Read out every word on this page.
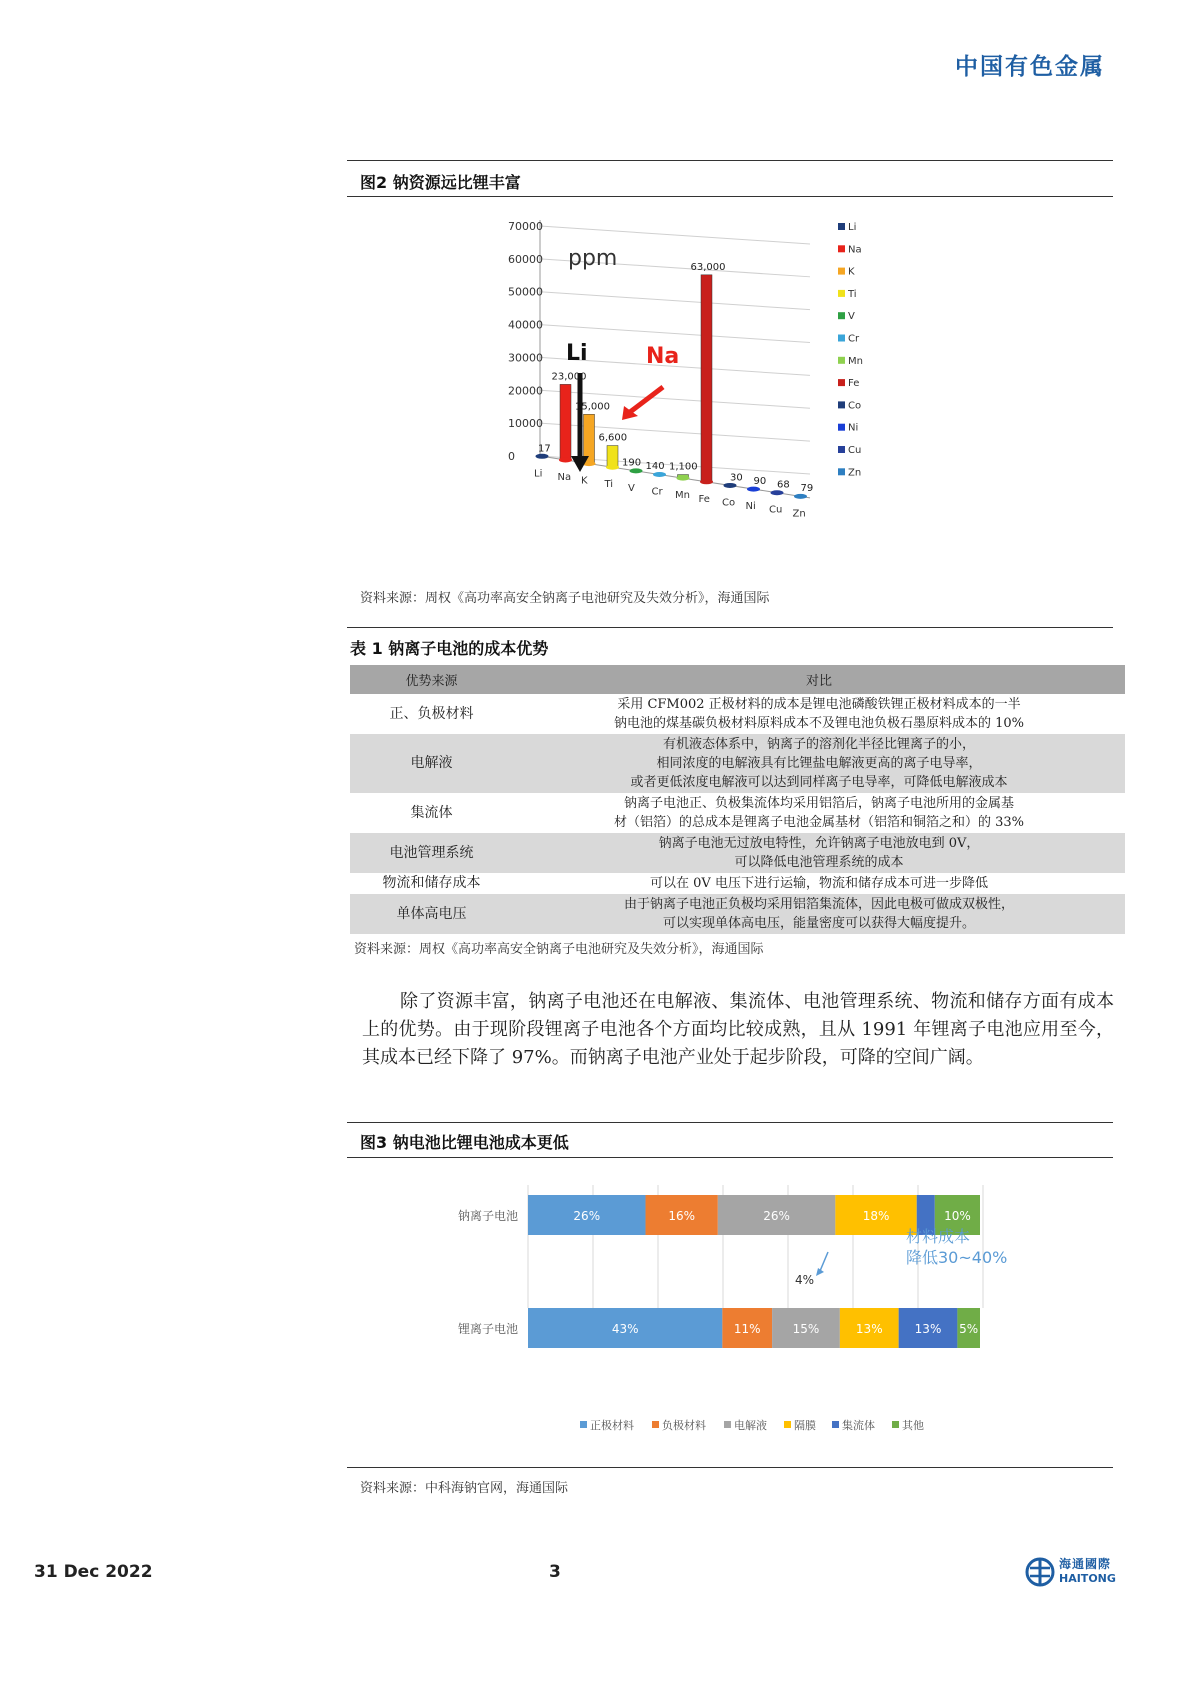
中国有色金属
图2 钠资源远比锂丰富
70000
60000
50000
40000
30000
20000
10000
0
17
23,000
15,000
6,600
190 140 1,100
63,000
30 90 68 79
Li Na K Ti V Cr Mn Fe Co Ni Cu Zn
Li
Na
K
Ti
V
Cr
Mn
Fe
Co
Ni
Cu
Zn
ppm
Li	Na
资料来源：周权《高功率高安全钠离子电池研究及失效分析》，海通国际
表 1 钠离子电池的成本优势
优势来源	对比
正、负极材料	采用 CFM002 正极材料的成本是锂电池磷酸铁锂正极材料成本的一半
钠电池的煤基碳负极材料原料成本不及锂电池负极石墨原料成本的 10%

电解液	有机液态体系中，钠离子的溶剂化半径比锂离子的小，
相同浓度的电解液具有比锂盐电解液更高的离子电导率，
或者更低浓度电解液可以达到同样离子电导率，可降低电解液成本

集流体	钠离子电池正、负极集流体均采用铝箔后，钠离子电池所用的金属基
材（铝箔）的总成本是锂离子电池金属基材（铝箔和铜箔之和）的 33%

电池管理系统	钠离子电池无过放电特性，允许钠离子电池放电到 0V，
可以降低电池管理系统的成本

物流和储存成本	可以在 0V 电压下进行运输，物流和储存成本可进一步降低

单体高电压	由于钠离子电池正负极均采用铝箔集流体，因此电极可做成双极性，
可以实现单体高电压，能量密度可以获得大幅度提升。
资料来源：周权《高功率高安全钠离子电池研究及失效分析》，海通国际
除了资源丰富，钠离子电池还在电解液、集流体、电池管理系统、物流和储存方面有成本上的优势。由于现阶段锂离子电池各个方面均比较成熟，且从 1991 年锂离子电池应用至今，其成本已经下降了 97%。而钠离子电池产业处于起步阶段，可降的空间广阔。
图3 钠电池比锂电池成本更低
26%	16%	26%	18%	10%
43%	11%	15%	13%	13% 5%
钠离子电池
锂离子电池
正极材料	负极材料	电解液 隔膜 集流体 其他
4%
材料成本
降低30~40%
资料来源：中科海钠官网，海通国际
31 Dec 2022	3	海通國際
HAITONG
